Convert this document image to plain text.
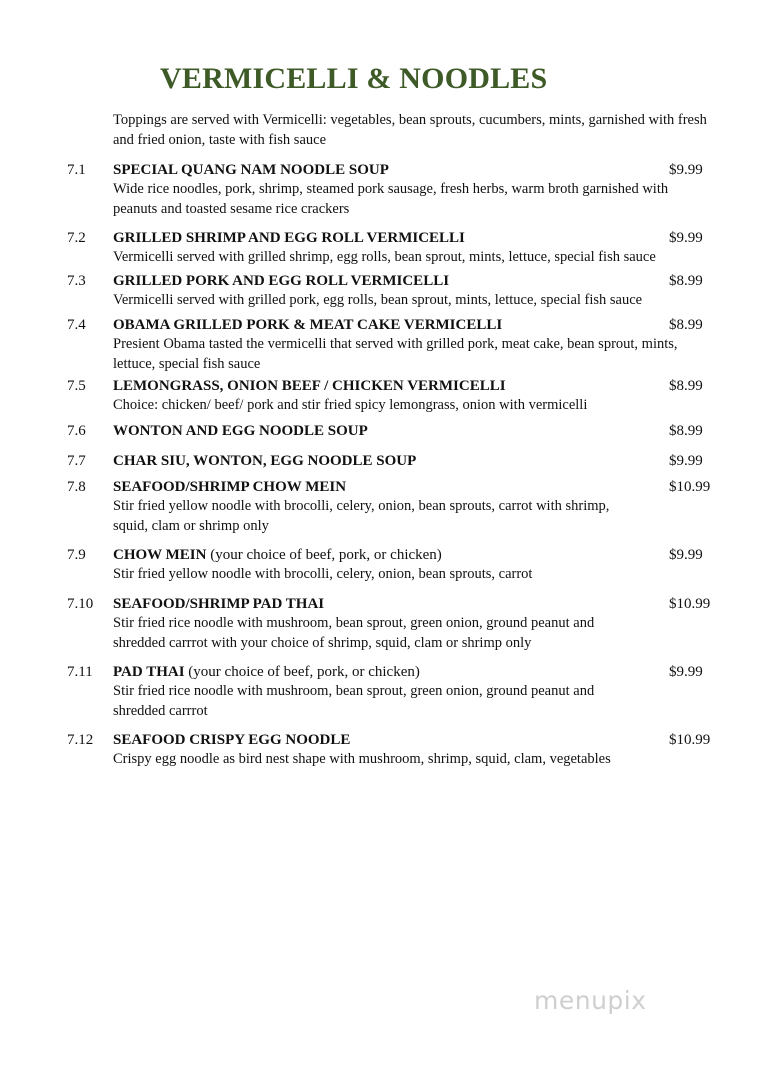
VERMICELLI & NOODLES

Toppings are served with Vermicelli: vegetables, bean sprouts, cucumbers, mints, garnished with fresh and fried onion, taste with fish sauce

7.1 SPECIAL QUANG NAM NOODLE SOUP	$9.99

Wide rice noodles, pork, shrimp, steamed pork sausage, fresh herbs, warm broth garnished with peanuts and toasted sesame rice crackers

7.2 GRILLED SHRIMP AND EGG ROLL VERMICELLI	$9.99

Vermicelli served with grilled shrimp, egg rolls, bean sprout, mints, lettuce, special fish sauce

7.3 GRILLED PORK AND EGG ROLL VERMICELLI	$8.99

Vermicelli served with grilled pork, egg rolls, bean sprout, mints, lettuce, special fish sauce

7.4 OBAMA GRILLED PORK & MEAT CAKE VERMICELLI	$8.99

Presient Obama tasted the vermicelli that served with grilled pork, meat cake, bean sprout, mints, lettuce, special fish sauce

7.5 LEMONGRASS, ONION BEEF / CHICKEN VERMICELLI	$8.99

Choice: chicken/ beef/ pork and stir fried spicy lemongrass, onion with vermicelli

7.6 WONTON AND EGG NOODLE SOUP	$8.99
7.7 CHAR SIU, WONTON, EGG NOODLE SOUP	$9.99
7.8 SEAFOOD/SHRIMP CHOW MEIN	$10.99

Stir fried yellow noodle with brocolli, celery, onion, bean sprouts, carrot with shrimp, squid, clam or shrimp only

7.9 CHOW MEIN (your choice of beef, pork, or chicken)	$9.99

Stir fried yellow noodle with brocolli, celery, onion, bean sprouts, carrot

7.10 SEAFOOD/SHRIMP PAD THAI	$10.99

Stir fried rice noodle with mushroom, bean sprout, green onion, ground peanut and shredded carrrot with your choice of shrimp, squid, clam or shrimp only

7.11 PAD THAI (your choice of beef, pork, or chicken)	$9.99

Stir fried rice noodle with mushroom, bean sprout, green onion, ground peanut and shredded carrrot

7.12 SEAFOOD CRISPY EGG NOODLE	$10.99

Crispy egg noodle as bird nest shape with mushroom, shrimp, squid, clam, vegetables

menupix
